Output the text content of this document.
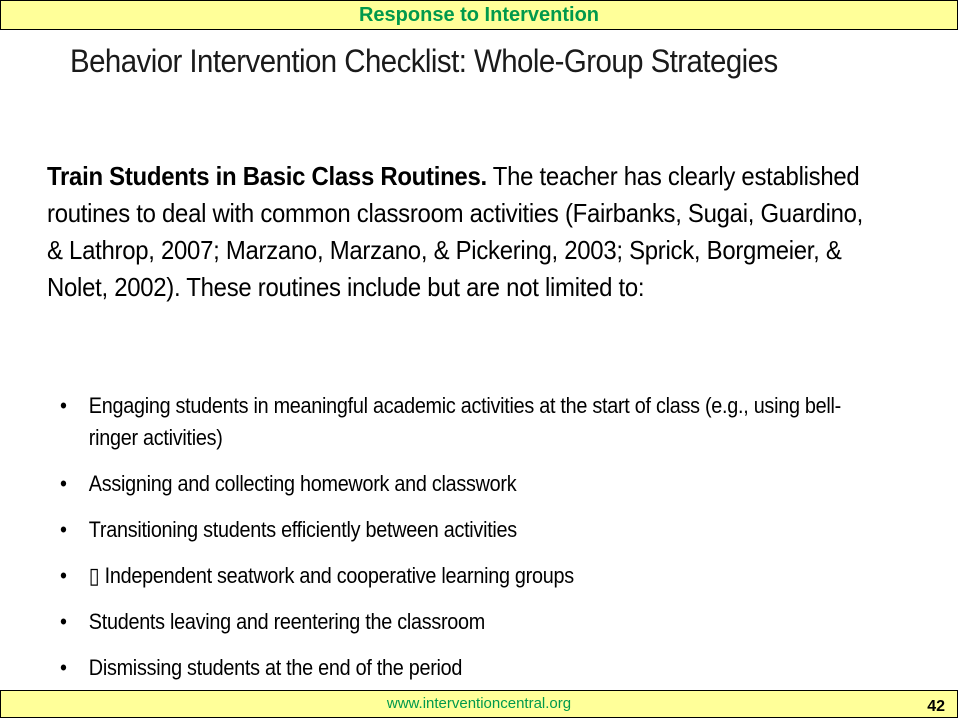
Response to Intervention
Behavior Intervention Checklist: Whole-Group Strategies

Train Students in Basic Class Routines. The teacher has clearly established routines to deal with common classroom activities (Fairbanks, Sugai, Guardino, & Lathrop, 2007; Marzano, Marzano, & Pickering, 2003; Sprick, Borgmeier, & Nolet, 2002). These routines include but are not limited to:

• Engaging students in meaningful academic activities at the start of class (e.g., using bell-ringer activities)
• Assigning and collecting homework and classwork
• Transitioning students efficiently between activities
• ▯ Independent seatwork and cooperative learning groups
• Students leaving and reentering the classroom
• Dismissing students at the end of the period
www.interventioncentral.org	42
